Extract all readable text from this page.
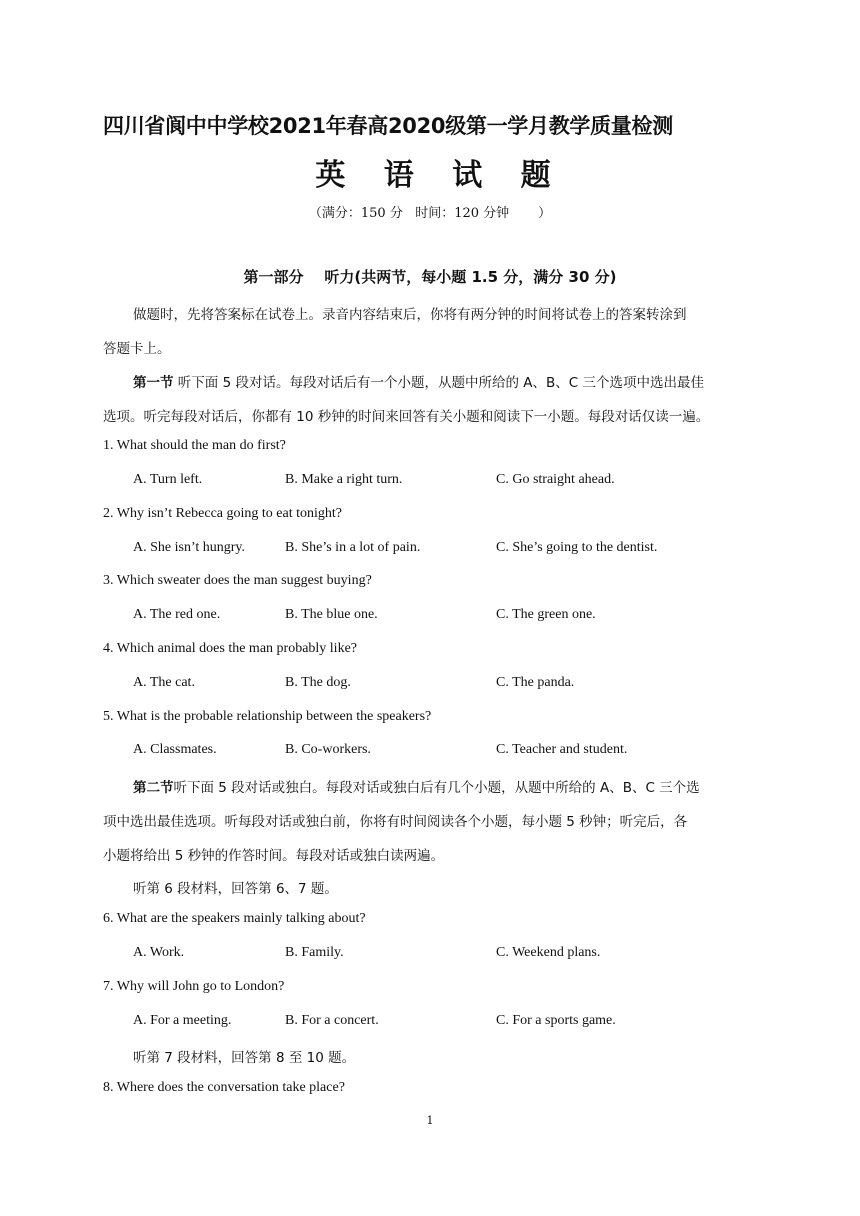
四川省阆中中学校2021年春高2020级第一学月教学质量检测
英 语 试 题
（满分：150 分   时间：120 分钟       ）
第一部分    听力(共两节，每小题 1.5 分，满分 30 分)
做题时，先将答案标在试卷上。录音内容结束后，你将有两分钟的时间将试卷上的答案转涂到
答题卡上。
第一节 听下面 5 段对话。每段对话后有一个小题，从题中所给的 A、B、C 三个选项中选出最佳
选项。听完每段对话后，你都有 10 秒钟的时间来回答有关小题和阅读下一小题。每段对话仅读一遍。
1. What should the man do first?
A. Turn left.	B. Make a right turn.	C. Go straight ahead.
2. Why isn’t Rebecca going to eat tonight?
A. She isn’t hungry.	B. She’s in a lot of pain.	C. She’s going to the dentist.
3. Which sweater does the man suggest buying?
A. The red one.	B. The blue one.	C. The green one.
4. Which animal does the man probably like?
A. The cat.	B. The dog.	C. The panda.
5. What is the probable relationship between the speakers?
A. Classmates.	B. Co-workers.	C. Teacher and student.
第二节听下面 5 段对话或独白。每段对话或独白后有几个小题，从题中所给的 A、B、C 三个选
项中选出最佳选项。听每段对话或独白前，你将有时间阅读各个小题，每小题 5 秒钟；听完后，各
小题将给出 5 秒钟的作答时间。每段对话或独白读两遍。
听第 6 段材料，回答第 6、7 题。
6. What are the speakers mainly talking about?
A. Work.	B. Family.	C. Weekend plans.
7. Why will John go to London?
A. For a meeting.	B. For a concert.	C. For a sports game.
听第 7 段材料，回答第 8 至 10 题。
8. Where does the conversation take place?
1
